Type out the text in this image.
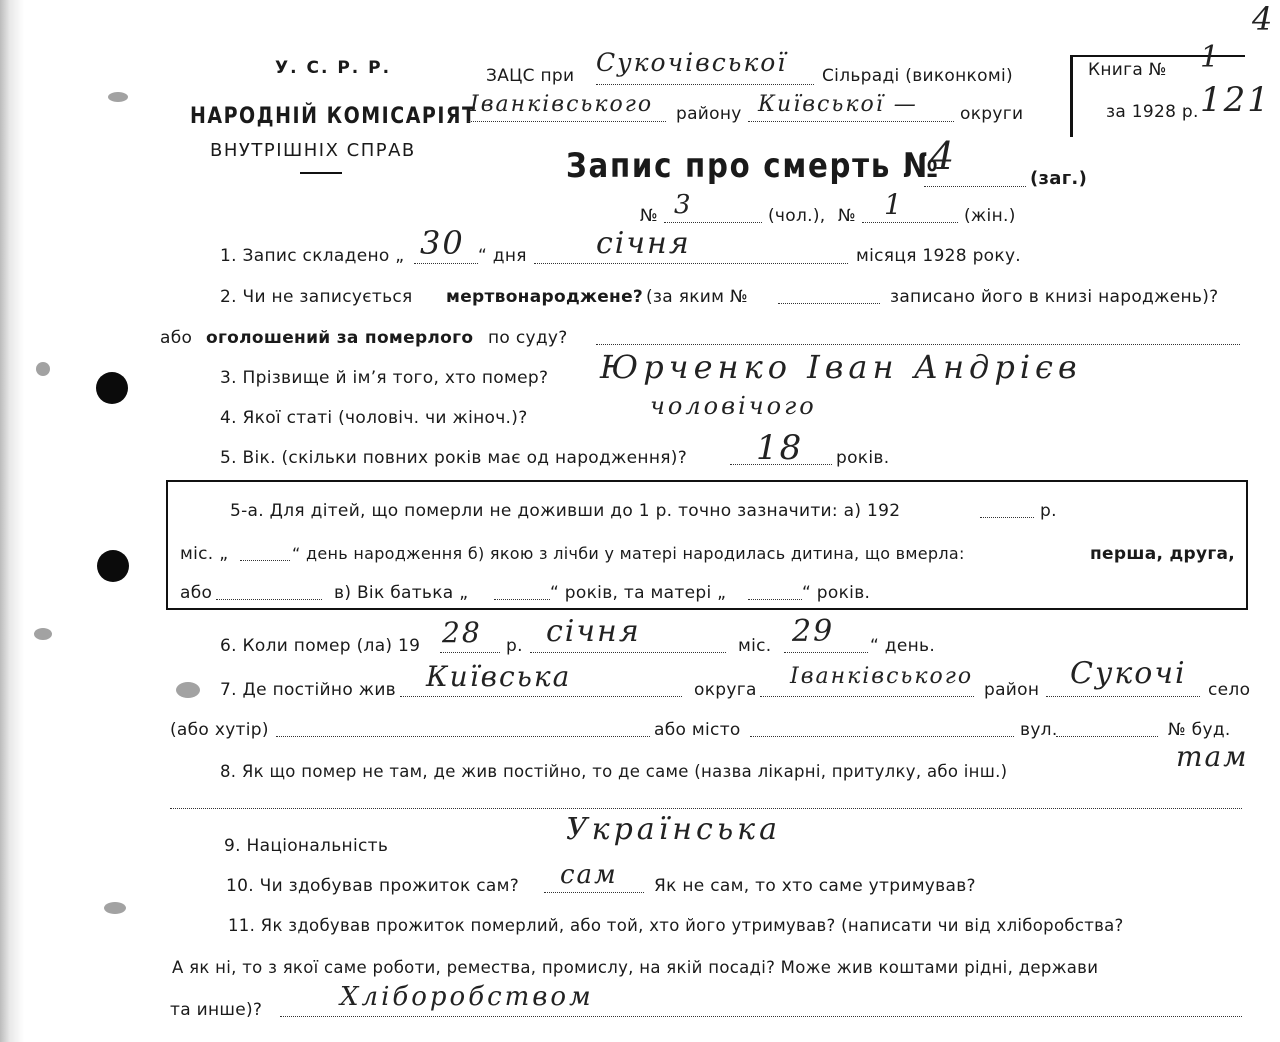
У. С. Р. Р.
НАРОДНІЙ КОМІСАРІЯТ
ВНУТРІШНІХ СПРАВ
ЗАЦС при Сукочівської Сільраді (виконкомі)
Іванківського району Київської — округи
Книга № 1
за 1928 р. 121
4
Запис про смерть №
4
(заг.)
№ 3	(чол.), № 1	(жін.)
1. Запис складено „ 30 “ дня січня	місяця 1928 року.
2. Чи не записується мертвонароджене? (за яким №	записано його в книзі народжень)?
або оголошений за померлого по суду?
3. Прізвище й ім’я того, хто помер? Юрченко Іван Андрієв
4. Якої статі (чоловіч. чи жіноч.)?	чоловічого
5. Вік. (скільки повних років має од народження)? 18 років.
5-а. Для дітей, що померли не доживши до 1 р. точно зазначити: а) 192	р.
міс. „	“ день народження б) якою з лічби у матері народилась дитина, що вмерла:	перша, друга,
або	в) Вік батька „	“ років, та матері „	“ років.
6. Коли помер (ла) 19 28 р. січня	міс. 29 “ день.
7. Де постійно жив Київська	округа
Іванківського
район Сукочі село
(або хутір)	або місто	вул.	№ буд.
8. Як що помер не там, де жив постійно, то де саме (назва лікарні, притулку, або інш.)	там
9. Національність	Українська
10. Чи здобував прожиток сам? сам Як не сам, то хто саме утримував?
11. Як здобував прожиток померлий, або той, хто його утримував? (написати чи від хліборобства?
А як ні, то з якої саме роботи, ремества, промислу, на якій посаді? Може жив коштами рідні, держави
та инше)?	Хліборобством
